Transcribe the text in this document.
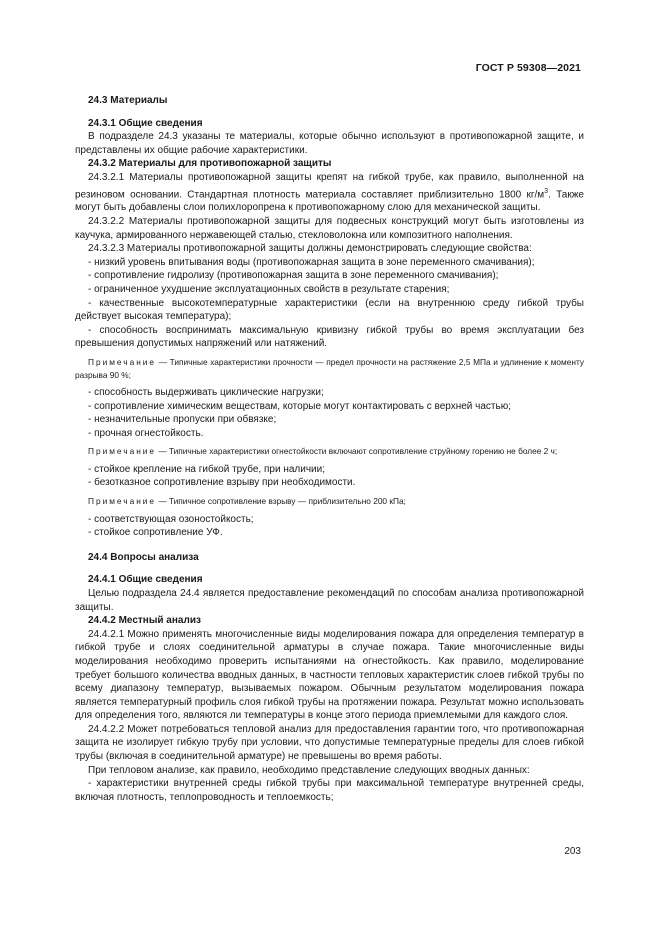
ГОСТ Р 59308—2021

24.3 Материалы

24.3.1 Общие сведения

В подразделе 24.3 указаны те материалы, которые обычно используют в противопожарной защите, и представлены их общие рабочие характеристики.

24.3.2 Материалы для противопожарной защиты

24.3.2.1 Материалы противопожарной защиты крепят на гибкой трубе, как правило, выполненной на резиновом основании. Стандартная плотность материала составляет приблизительно 1800 $кг/м^3$. Также могут быть добавлены слои полихлоропрена к противопожарному слою для механической защиты.

24.3.2.2 Материалы противопожарной защиты для подвесных конструкций могут быть изготовлены из каучука, армированного нержавеющей сталью, стекловолокна или композитного наполнения.

24.3.2.3 Материалы противопожарной защиты должны демонстрировать следующие свойства:

- низкий уровень впитывания воды (противопожарная защита в зоне переменного смачивания);

- сопротивление гидролизу (противопожарная защита в зоне переменного смачивания);

- ограниченное ухудшение эксплуатационных свойств в результате старения;

- качественные высокотемпературные характеристики (если на внутреннюю среду гибкой трубы действует высокая температура);

- способность воспринимать максимальную кривизну гибкой трубы во время эксплуатации без превышения допустимых напряжений или натяжений.

Примечание — Типичные характеристики прочности — предел прочности на растяжение 2,5 МПа и удлинение к моменту разрыва 90 %;

- способность выдерживать циклические нагрузки;

- сопротивление химическим веществам, которые могут контактировать с верхней частью;

- незначительные пропуски при обвязке;

- прочная огнестойкость.

Примечание — Типичные характеристики огнестойкости включают сопротивление струйному горению не более 2 ч;

- стойкое крепление на гибкой трубе, при наличии;

- безотказное сопротивление взрыву при необходимости.

Примечание — Типичное сопротивление взрыву — приблизительно 200 кПа;

- соответствующая озоностойкость;

- стойкое сопротивление УФ.

24.4 Вопросы анализа

24.4.1 Общие сведения

Целью подраздела 24.4 является предоставление рекомендаций по способам анализа противопожарной защиты.

24.4.2 Местный анализ

24.4.2.1 Можно применять многочисленные виды моделирования пожара для определения температур в гибкой трубе и слоях соединительной арматуры в случае пожара. Такие многочисленные виды моделирования необходимо проверить испытаниями на огнестойкость. Как правило, моделирование требует большого количества вводных данных, в частности тепловых характеристик слоев гибкой трубы по всему диапазону температур, вызываемых пожаром. Обычным результатом моделирования пожара является температурный профиль слоя гибкой трубы на протяжении пожара. Результат можно использовать для определения того, являются ли температуры в конце этого периода приемлемыми для каждого слоя.

24.4.2.2 Может потребоваться тепловой анализ для предоставления гарантии того, что противопожарная защита не изолирует гибкую трубу при условии, что допустимые температурные пределы для слоев гибкой трубы (включая в соединительной арматуре) не превышены во время работы.

При тепловом анализе, как правило, необходимо представление следующих вводных данных:

- характеристики внутренней среды гибкой трубы при максимальной температуре внутренней среды, включая плотность, теплопроводность и теплоемкость;

203
